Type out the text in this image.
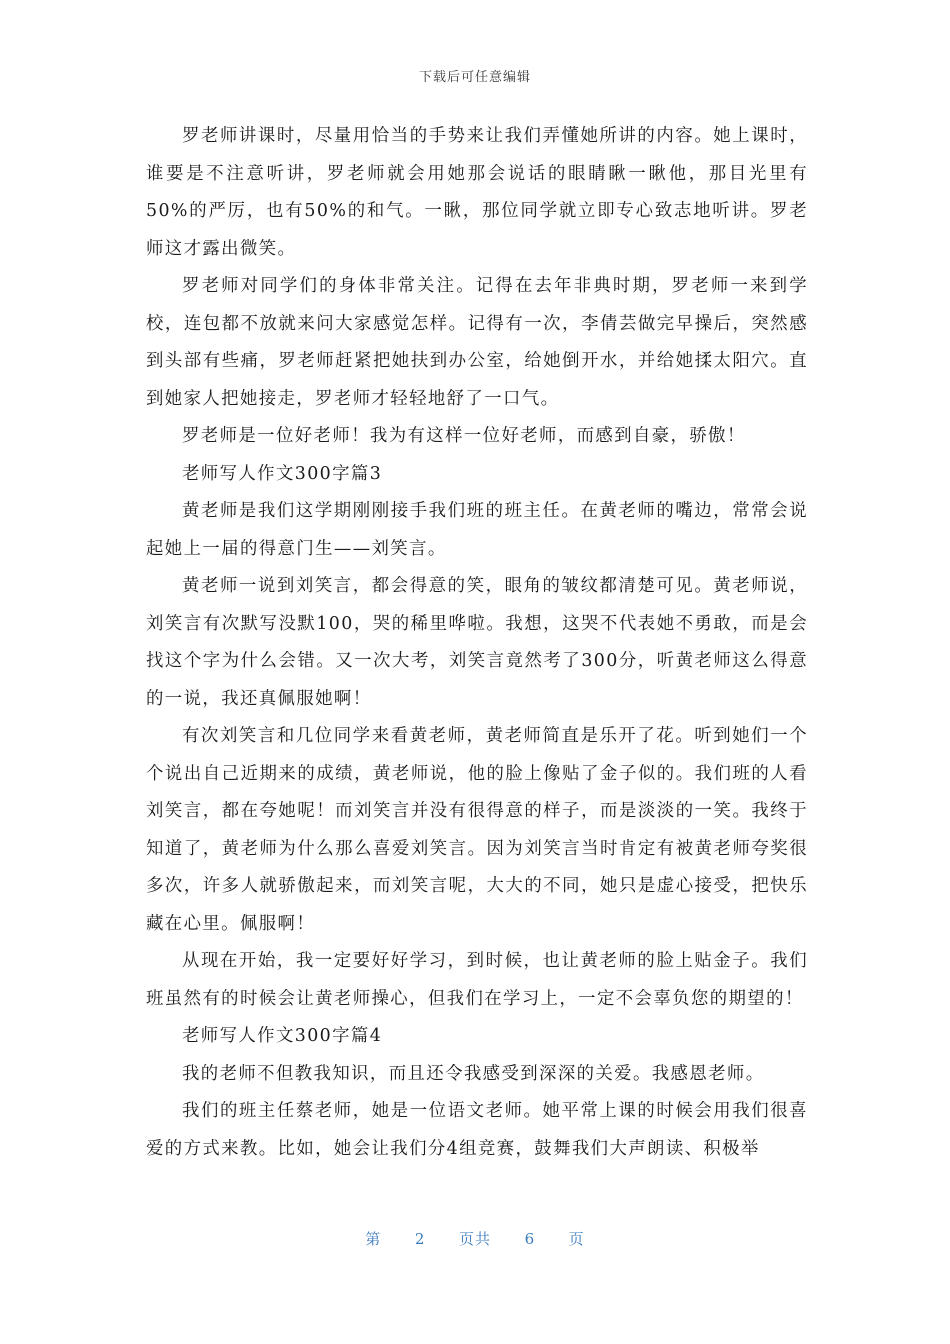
下载后可任意编辑

罗老师讲课时，尽量用恰当的手势来让我们弄懂她所讲的内容。她上课时，谁要是不注意听讲，罗老师就会用她那会说话的眼睛瞅一瞅他，那目光里有50%的严厉，也有50%的和气。一瞅，那位同学就立即专心致志地听讲。罗老师这才露出微笑。

罗老师对同学们的身体非常关注。记得在去年非典时期，罗老师一来到学校，连包都不放就来问大家感觉怎样。记得有一次，李倩芸做完早操后，突然感到头部有些痛，罗老师赶紧把她扶到办公室，给她倒开水，并给她揉太阳穴。直到她家人把她接走，罗老师才轻轻地舒了一口气。

罗老师是一位好老师！我为有这样一位好老师，而感到自豪，骄傲！

老师写人作文300字篇3

黄老师是我们这学期刚刚接手我们班的班主任。在黄老师的嘴边，常常会说起她上一届的得意门生——刘笑言。

黄老师一说到刘笑言，都会得意的笑，眼角的皱纹都清楚可见。黄老师说，刘笑言有次默写没默100，哭的稀里哗啦。我想，这哭不代表她不勇敢，而是会找这个字为什么会错。又一次大考，刘笑言竟然考了300分，听黄老师这么得意的一说，我还真佩服她啊！

有次刘笑言和几位同学来看黄老师，黄老师简直是乐开了花。听到她们一个个说出自己近期来的成绩，黄老师说，他的脸上像贴了金子似的。我们班的人看刘笑言，都在夸她呢！而刘笑言并没有很得意的样子，而是淡淡的一笑。我终于知道了，黄老师为什么那么喜爱刘笑言。因为刘笑言当时肯定有被黄老师夸奖很多次，许多人就骄傲起来，而刘笑言呢，大大的不同，她只是虚心接受，把快乐藏在心里。佩服啊！

从现在开始，我一定要好好学习，到时候，也让黄老师的脸上贴金子。我们班虽然有的时候会让黄老师操心，但我们在学习上，一定不会辜负您的期望的！

老师写人作文300字篇4

我的老师不但教我知识，而且还令我感受到深深的关爱。我感恩老师。

我们的班主任蔡老师，她是一位语文老师。她平常上课的时候会用我们很喜爱的方式来教。比如，她会让我们分4组竞赛，鼓舞我们大声朗读、积极举

第 2 页共 6 页
